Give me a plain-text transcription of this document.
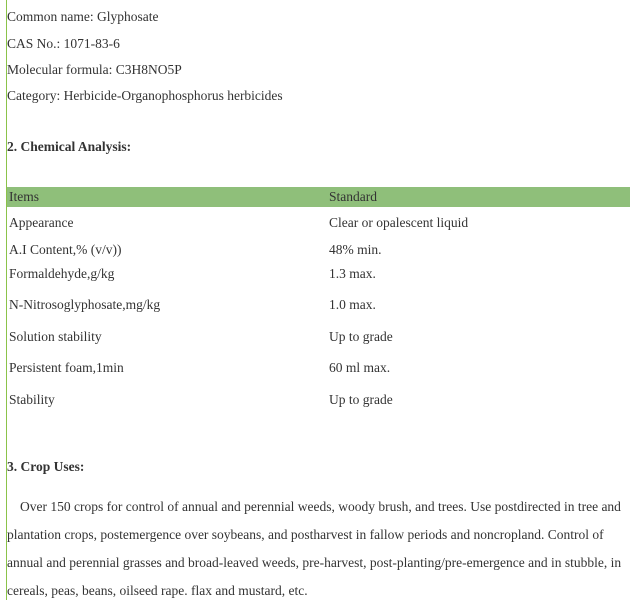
Common name: Glyphosate
CAS No.: 1071-83-6
Molecular formula: C3H8NO5P
Category: Herbicide-Organophosphorus herbicides
2. Chemical Analysis:
Items	Standard
Appearance	Clear or opalescent liquid
A.I Content,% (v/v))	48% min.
Formaldehyde,g/kg	1.3 max.
N-Nitrosoglyphosate,mg/kg	1.0 max.
Solution stability	Up to grade
Persistent foam,1min	60 ml max.
Stability	Up to grade
3. Crop Uses:

Over 150 crops for control of annual and perennial weeds, woody brush, and trees. Use postdirected in tree and plantation crops, postemergence over soybeans, and postharvest in fallow periods and noncropland. Control of annual and perennial grasses and broad-leaved weeds, pre-harvest, post-planting/pre-emergence and in stubble, in cereals, peas, beans, oilseed rape. flax and mustard, etc.
